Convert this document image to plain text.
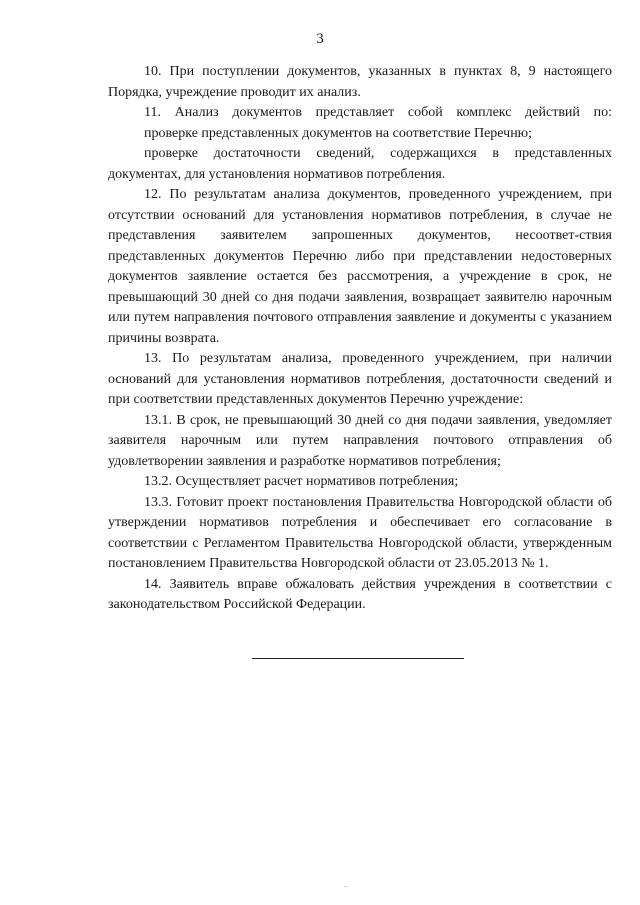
3

10. При поступлении документов, указанных в пунктах 8, 9 настоящего Порядка, учреждение проводит их анализ.

11. Анализ документов представляет собой комплекс действий по:

проверке представленных документов на соответствие Перечню;

проверке достаточности сведений, содержащихся в представленных документах, для установления нормативов потребления.

12. По результатам анализа документов, проведенного учреждением, при отсутствии оснований для установления нормативов потребления, в случае не представления заявителем запрошенных документов, несоответ-ствия представленных документов Перечню либо при представлении недостоверных документов заявление остается без рассмотрения, а учреждение в срок, не превышающий 30 дней со дня подачи заявления, возвращает заявителю нарочным или путем направления почтового отправления заявление и документы с указанием причины возврата.

13. По результатам анализа, проведенного учреждением, при наличии оснований для установления нормативов потребления, достаточности сведений и при соответствии представленных документов Перечню учреждение:

13.1. В срок, не превышающий 30 дней со дня подачи заявления, уведомляет заявителя нарочным или путем направления почтового отправления об удовлетворении заявления и разработке нормативов потребления;

13.2. Осуществляет расчет нормативов потребления;

13.3. Готовит проект постановления Правительства Новгородской области об утверждении нормативов потребления и обеспечивает его согласование в соответствии с Регламентом Правительства Новгородской области, утвержденным постановлением Правительства Новгородской области от 23.05.2013 № 1.

14. Заявитель вправе обжаловать действия учреждения в соответствии с законодательством Российской Федерации.
